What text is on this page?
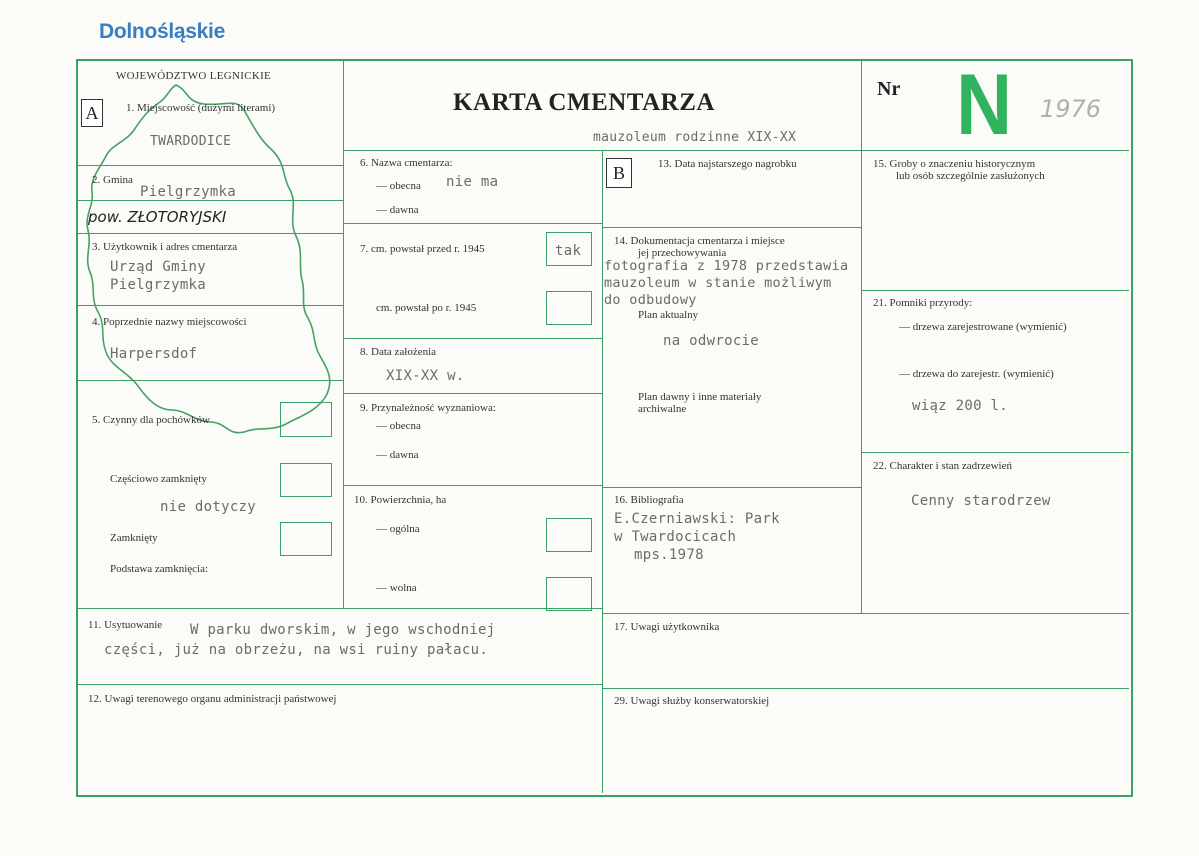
Dolnośląskie
WOJEWÓDZTWO LEGNICKIE
KARTA CMENTARZA
mauzoleum rodzinne XIX-XX
Nr N 1976
A
B
1. Miejscowość (dużymi literami)
TWARDODICE
2. Gmina
Pielgrzymka
pow. ZŁOTORYJSKI
3. Użytkownik i adres cmentarza
Urząd Gminy
Pielgrzymka
4. Poprzednie nazwy miejscowości
Harpersdof
5. Czynny dla pochówków
Częściowo zamknięty
nie dotyczy
Zamknięty
Podstawa zamknięcia:
11. Usytuowanie W parku dworskim, w jego wschodniej
części, już na obrzeżu, na wsi ruiny pałacu.
12. Uwagi terenowego organu administracji państwowej
6. Nazwa cmentarza:
— obecna nie ma
— dawna
7. cm. powstał przed r. 1945	tak
cm. powstał po r. 1945
8. Data założenia
XIX-XX w.
9. Przynależność wyznaniowa:
— obecna
— dawna
10. Powierzchnia, ha
— ogólna
— wolna
13. Data najstarszego nagrobku
14. Dokumentacja cmentarza i miejsce
jej przechowywania
fotografia z 1978 przedstawia
mauzoleum w stanie możliwym
do odbudowy
Plan aktualny
na odwrocie
Plan dawny i inne materiały
archiwalne
16. Bibliografia
E.Czerniawski: Park
w Twardocicach
mps.1978
17. Uwagi użytkownika
29. Uwagi służby konserwatorskiej
15. Groby o znaczeniu historycznym
lub osób szczególnie zasłużonych
21. Pomniki przyrody:
— drzewa zarejestrowane (wymienić)
— drzewa do zarejestr. (wymienić)
wiąz 200 l.
22. Charakter i stan zadrzewień
Cenny starodrzew
